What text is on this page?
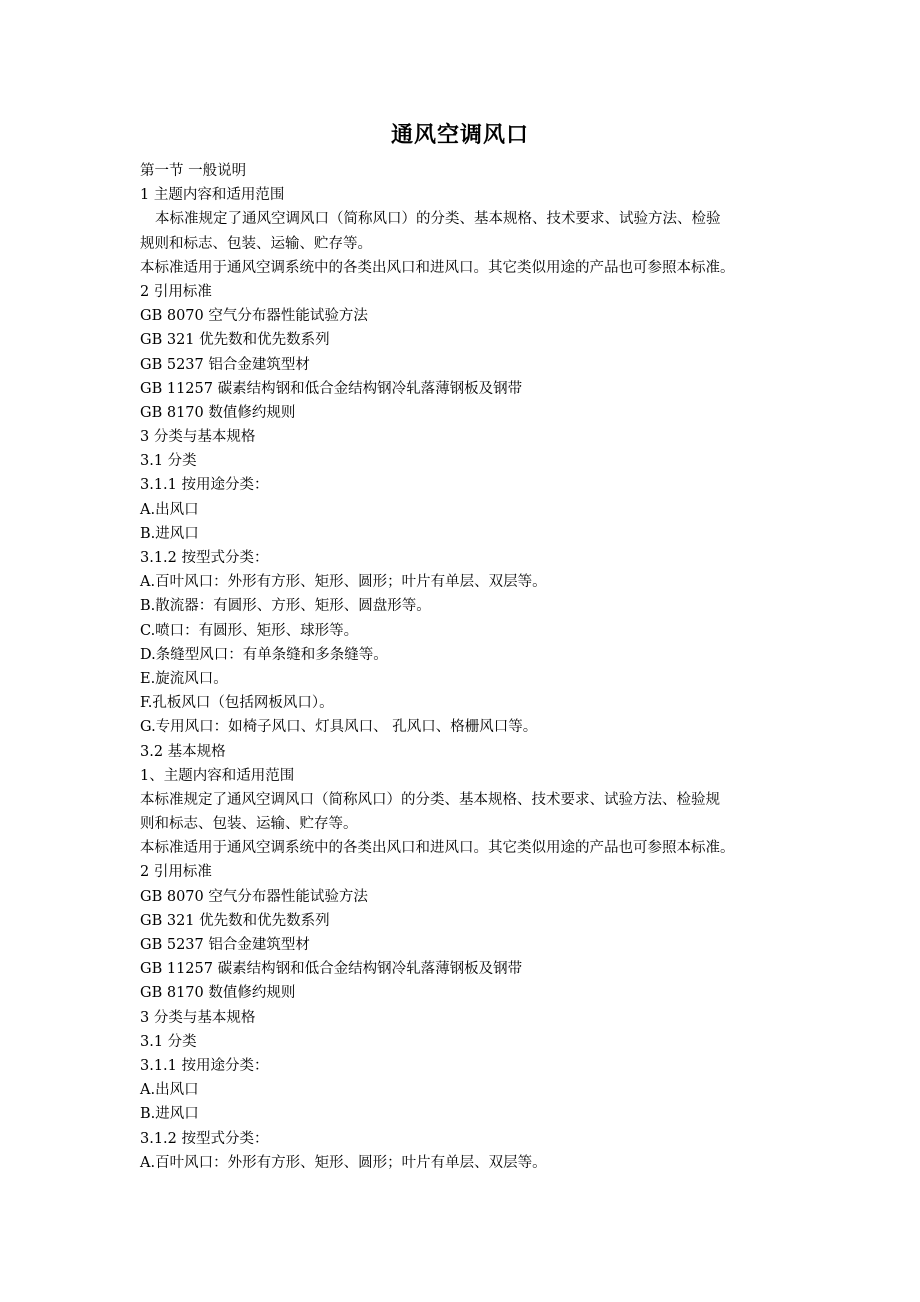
通风空调风口
第一节 一般说明
1 主题内容和适用范围
本标准规定了通风空调风口（简称风口）的分类、基本规格、技术要求、试验方法、检验
规则和标志、包装、运输、贮存等。
本标准适用于通风空调系统中的各类出风口和进风口。其它类似用途的产品也可参照本标准。
2 引用标准
GB 8070 空气分布器性能试验方法
GB 321 优先数和优先数系列
GB 5237 铝合金建筑型材
GB 11257 碳素结构钢和低合金结构钢冷轧落薄钢板及钢带
GB 8170 数值修约规则
3 分类与基本规格
3.1 分类
3.1.1 按用途分类：
A.出风口
B.进风口
3.1.2 按型式分类：
A.百叶风口：外形有方形、矩形、圆形；叶片有单层、双层等。
B.散流器：有圆形、方形、矩形、圆盘形等。
C.喷口：有圆形、矩形、球形等。
D.条缝型风口：有单条缝和多条缝等。
E.旋流风口。
F.孔板风口（包括网板风口）。
G.专用风口：如椅子风口、灯具风口、 孔风口、格栅风口等。
3.2 基本规格
1、主题内容和适用范围
本标准规定了通风空调风口（简称风口）的分类、基本规格、技术要求、试验方法、检验规
则和标志、包装、运输、贮存等。
本标准适用于通风空调系统中的各类出风口和进风口。其它类似用途的产品也可参照本标准。
2 引用标准
GB 8070 空气分布器性能试验方法
GB 321 优先数和优先数系列
GB 5237 铝合金建筑型材
GB 11257 碳素结构钢和低合金结构钢冷轧落薄钢板及钢带
GB 8170 数值修约规则
3 分类与基本规格
3.1 分类
3.1.1 按用途分类：
A.出风口
B.进风口
3.1.2 按型式分类：
A.百叶风口：外形有方形、矩形、圆形；叶片有单层、双层等。
